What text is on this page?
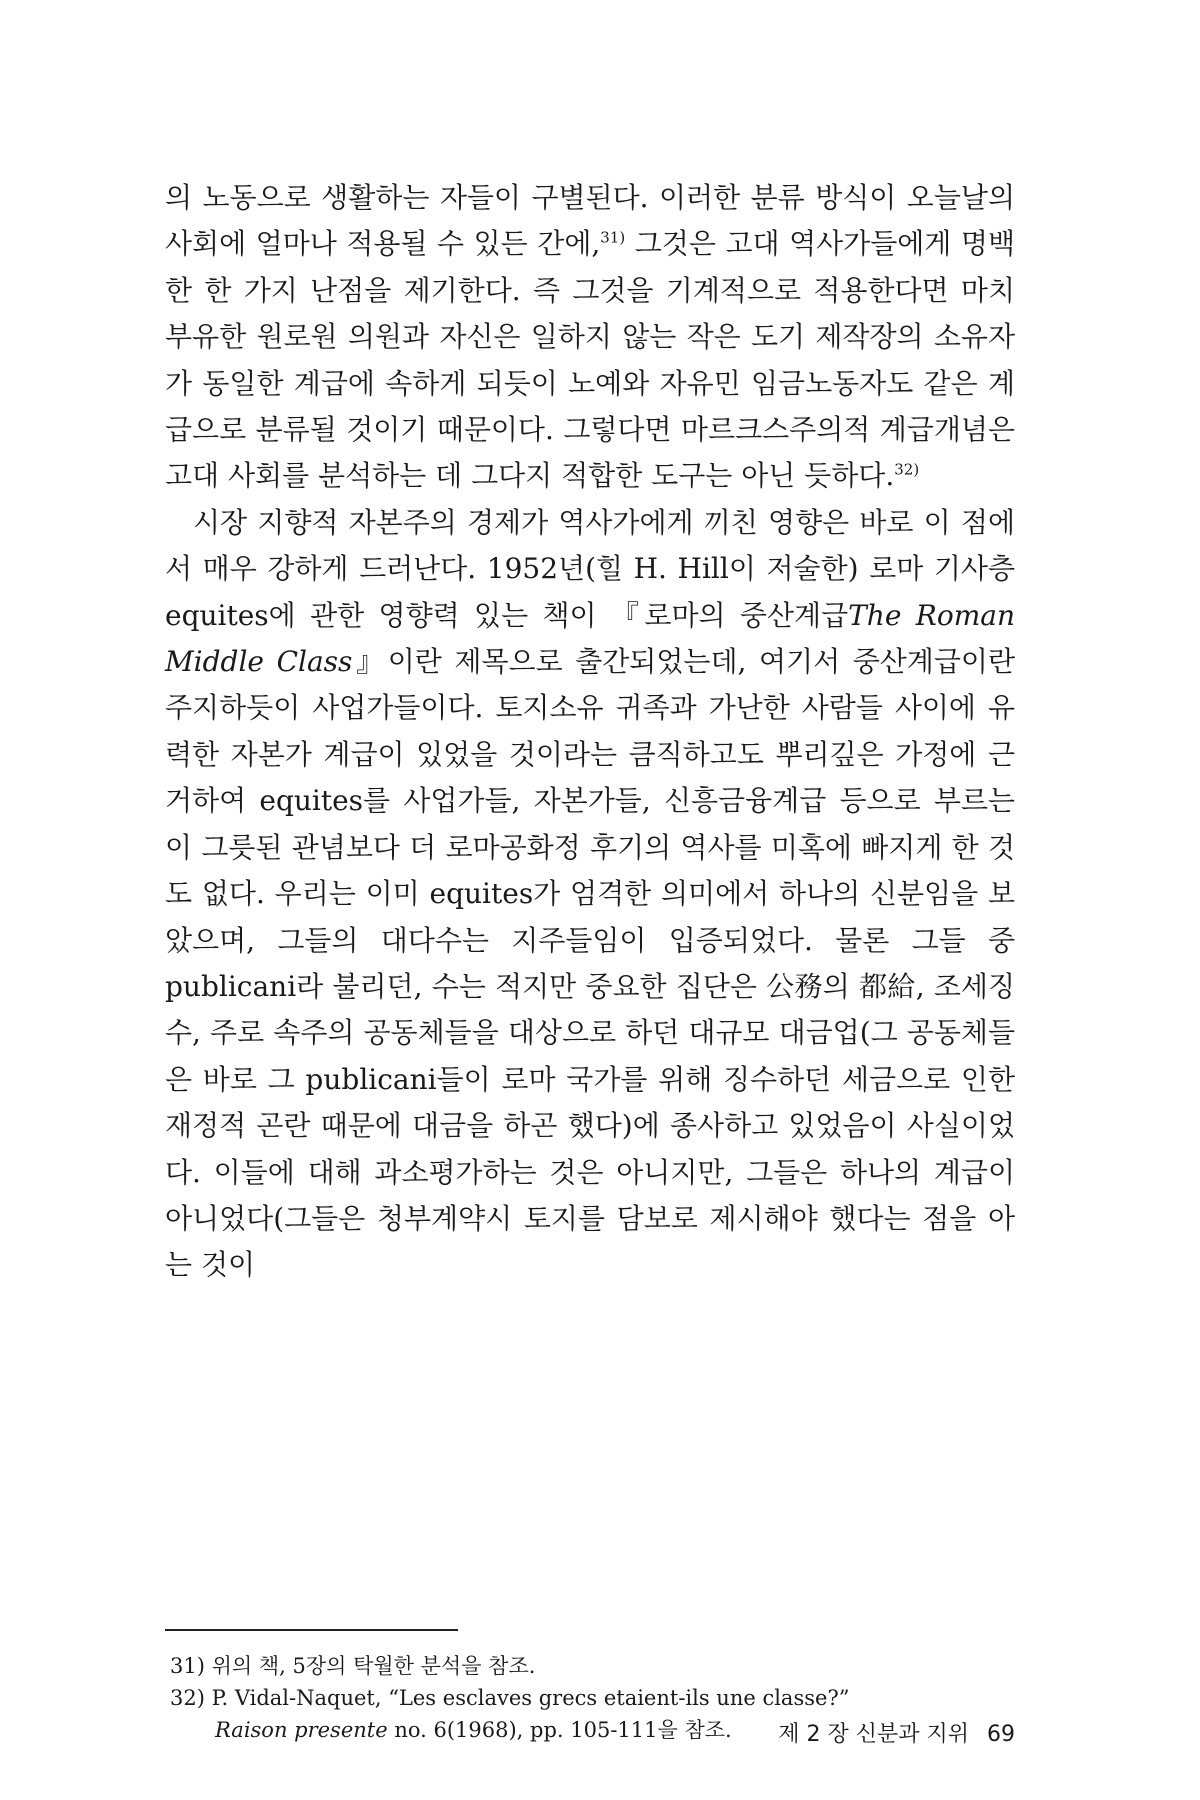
의 노동으로 생활하는 자들이 구별된다. 이러한 분류 방식이 오늘날의 사회에 얼마나 적용될 수 있든 간에,$^{31)}$ 그것은 고대 역사가들에게 명백한 한 가지 난점을 제기한다. 즉 그것을 기계적으로 적용한다면 마치 부유한 원로원 의원과 자신은 일하지 않는 작은 도기 제작장의 소유자가 동일한 계급에 속하게 되듯이 노예와 자유민 임금노동자도 같은 계급으로 분류될 것이기 때문이다. 그렇다면 마르크스주의적 계급개념은 고대 사회를 분석하는 데 그다지 적합한 도구는 아닌 듯하다.$^{32)}$

시장 지향적 자본주의 경제가 역사가에게 끼친 영향은 바로 이 점에서 매우 강하게 드러난다. 1952년(힐 H. Hill이 저술한) 로마 기사층equites에 관한 영향력 있는 책이 『로마의 중산계급The Roman Middle Class』이란 제목으로 출간되었는데, 여기서 중산계급이란 주지하듯이 사업가들이다. 토지소유 귀족과 가난한 사람들 사이에 유력한 자본가 계급이 있었을 것이라는 큼직하고도 뿌리깊은 가정에 근거하여 equites를 사업가들, 자본가들, 신흥금융계급 등으로 부르는 이 그릇된 관념보다 더 로마공화정 후기의 역사를 미혹에 빠지게 한 것도 없다. 우리는 이미 equites가 엄격한 의미에서 하나의 신분임을 보았으며, 그들의 대다수는 지주들임이 입증되었다. 물론 그들 중 publicani라 불리던, 수는 적지만 중요한 집단은 公務의 都給, 조세징수, 주로 속주의 공동체들을 대상으로 하던 대규모 대금업(그 공동체들은 바로 그 publicani들이 로마 국가를 위해 징수하던 세금으로 인한 재정적 곤란 때문에 대금을 하곤 했다)에 종사하고 있었음이 사실이었다. 이들에 대해 과소평가하는 것은 아니지만, 그들은 하나의 계급이 아니었다(그들은 청부계약시 토지를 담보로 제시해야 했다는 점을 아는 것이

31) 위의 책, 5장의 탁월한 분석을 참조.

32) P. Vidal-Naquet, “Les esclaves grecs etaient-ils une classe?”
Raison presente no. 6(1968), pp. 105-111을 참조.	제 2 장 신분과 지위 69
